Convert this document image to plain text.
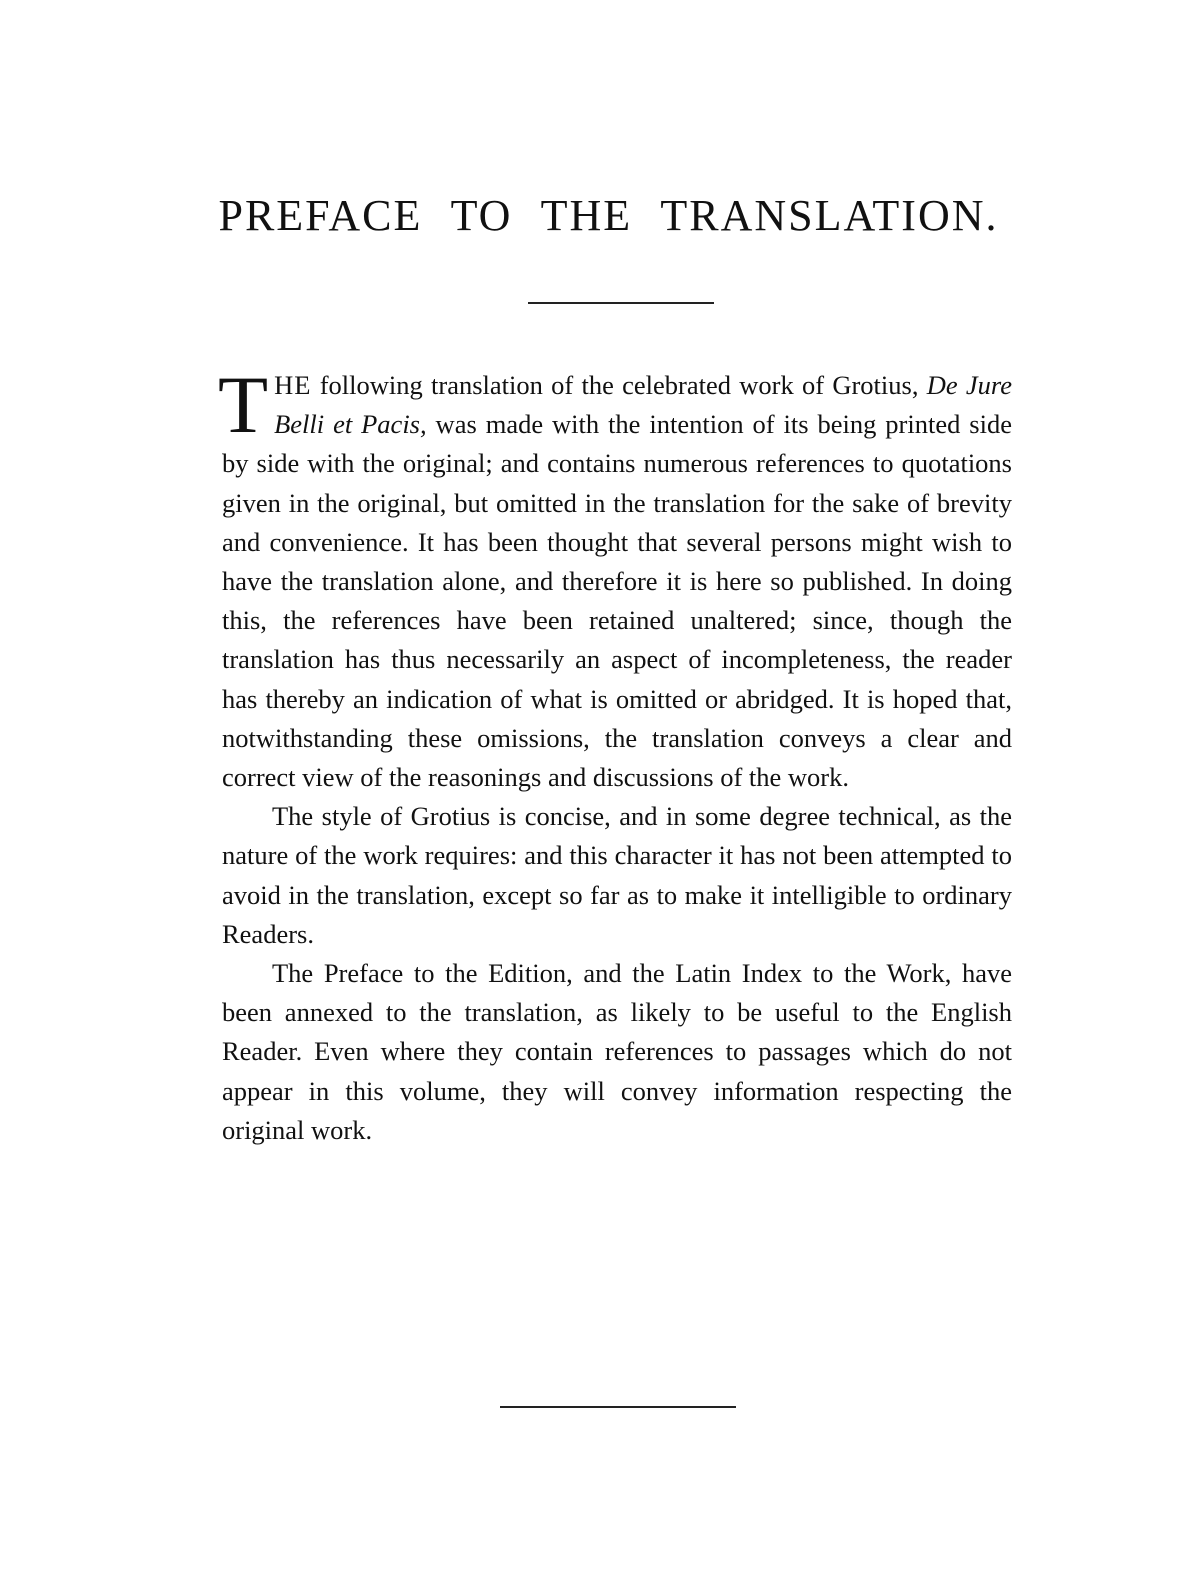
PREFACE TO THE TRANSLATION.

THE following translation of the celebrated work of Grotius, De Jure Belli et Pacis, was made with the intention of its being printed side by side with the original; and contains numerous references to quotations given in the original, but omitted in the translation for the sake of brevity and convenience. It has been thought that several persons might wish to have the translation alone, and therefore it is here so published. In doing this, the references have been retained unaltered; since, though the translation has thus necessarily an aspect of incompleteness, the reader has thereby an indication of what is omitted or abridged. It is hoped that, notwithstanding these omissions, the translation conveys a clear and correct view of the reasonings and discussions of the work.

The style of Grotius is concise, and in some degree technical, as the nature of the work requires: and this character it has not been attempted to avoid in the translation, except so far as to make it intelligible to ordinary Readers.

The Preface to the Edition, and the Latin Index to the Work, have been annexed to the translation, as likely to be useful to the English Reader. Even where they contain references to passages which do not appear in this volume, they will convey information respecting the original work.
